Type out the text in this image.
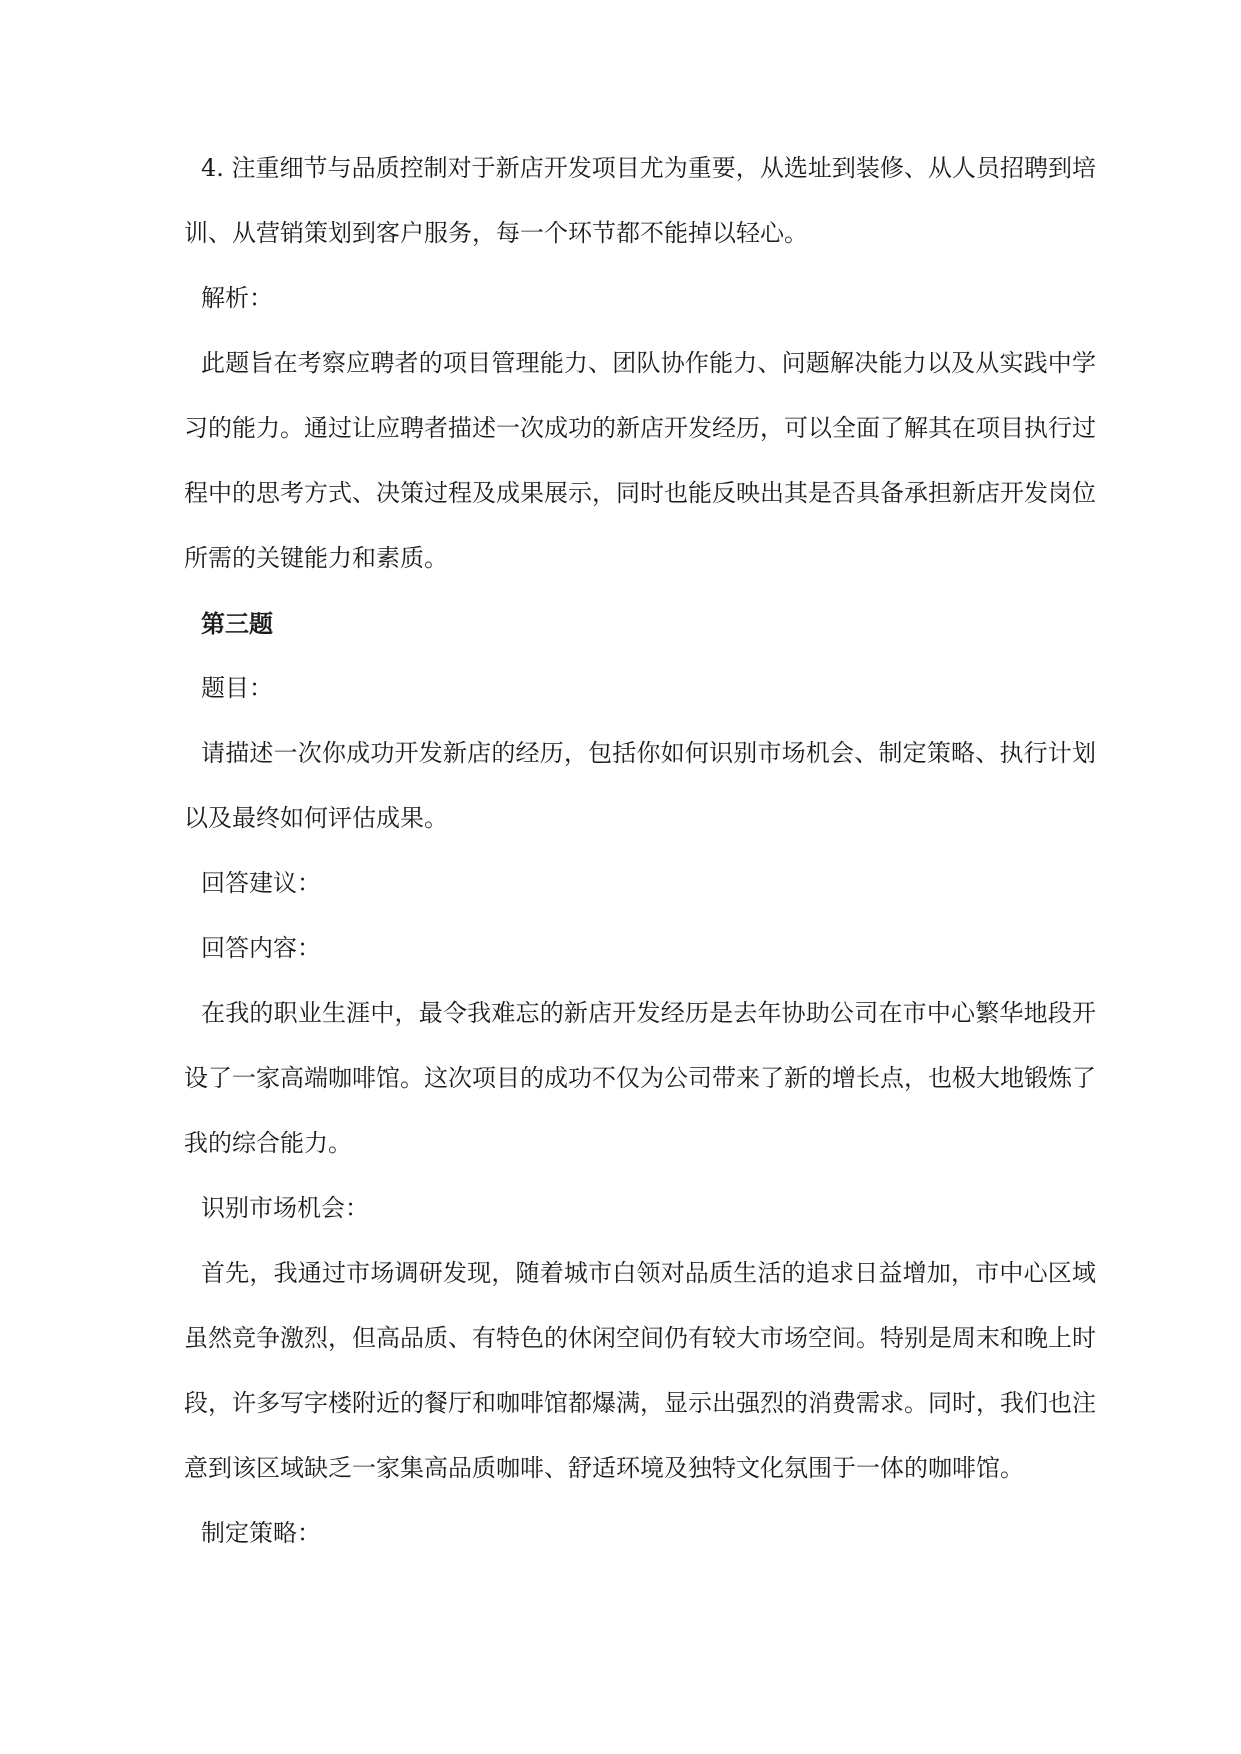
4. 注重细节与品质控制对于新店开发项目尤为重要，从选址到装修、从人员招聘到培训、从营销策划到客户服务，每一个环节都不能掉以轻心。

解析：

此题旨在考察应聘者的项目管理能力、团队协作能力、问题解决能力以及从实践中学习的能力。通过让应聘者描述一次成功的新店开发经历，可以全面了解其在项目执行过程中的思考方式、决策过程及成果展示，同时也能反映出其是否具备承担新店开发岗位所需的关键能力和素质。

第三题

题目：

请描述一次你成功开发新店的经历，包括你如何识别市场机会、制定策略、执行计划以及最终如何评估成果。

回答建议：

回答内容：

在我的职业生涯中，最令我难忘的新店开发经历是去年协助公司在市中心繁华地段开设了一家高端咖啡馆。这次项目的成功不仅为公司带来了新的增长点，也极大地锻炼了我的综合能力。

识别市场机会：

首先，我通过市场调研发现，随着城市白领对品质生活的追求日益增加，市中心区域虽然竞争激烈，但高品质、有特色的休闲空间仍有较大市场空间。特别是周末和晚上时段，许多写字楼附近的餐厅和咖啡馆都爆满，显示出强烈的消费需求。同时，我们也注意到该区域缺乏一家集高品质咖啡、舒适环境及独特文化氛围于一体的咖啡馆。

制定策略：
